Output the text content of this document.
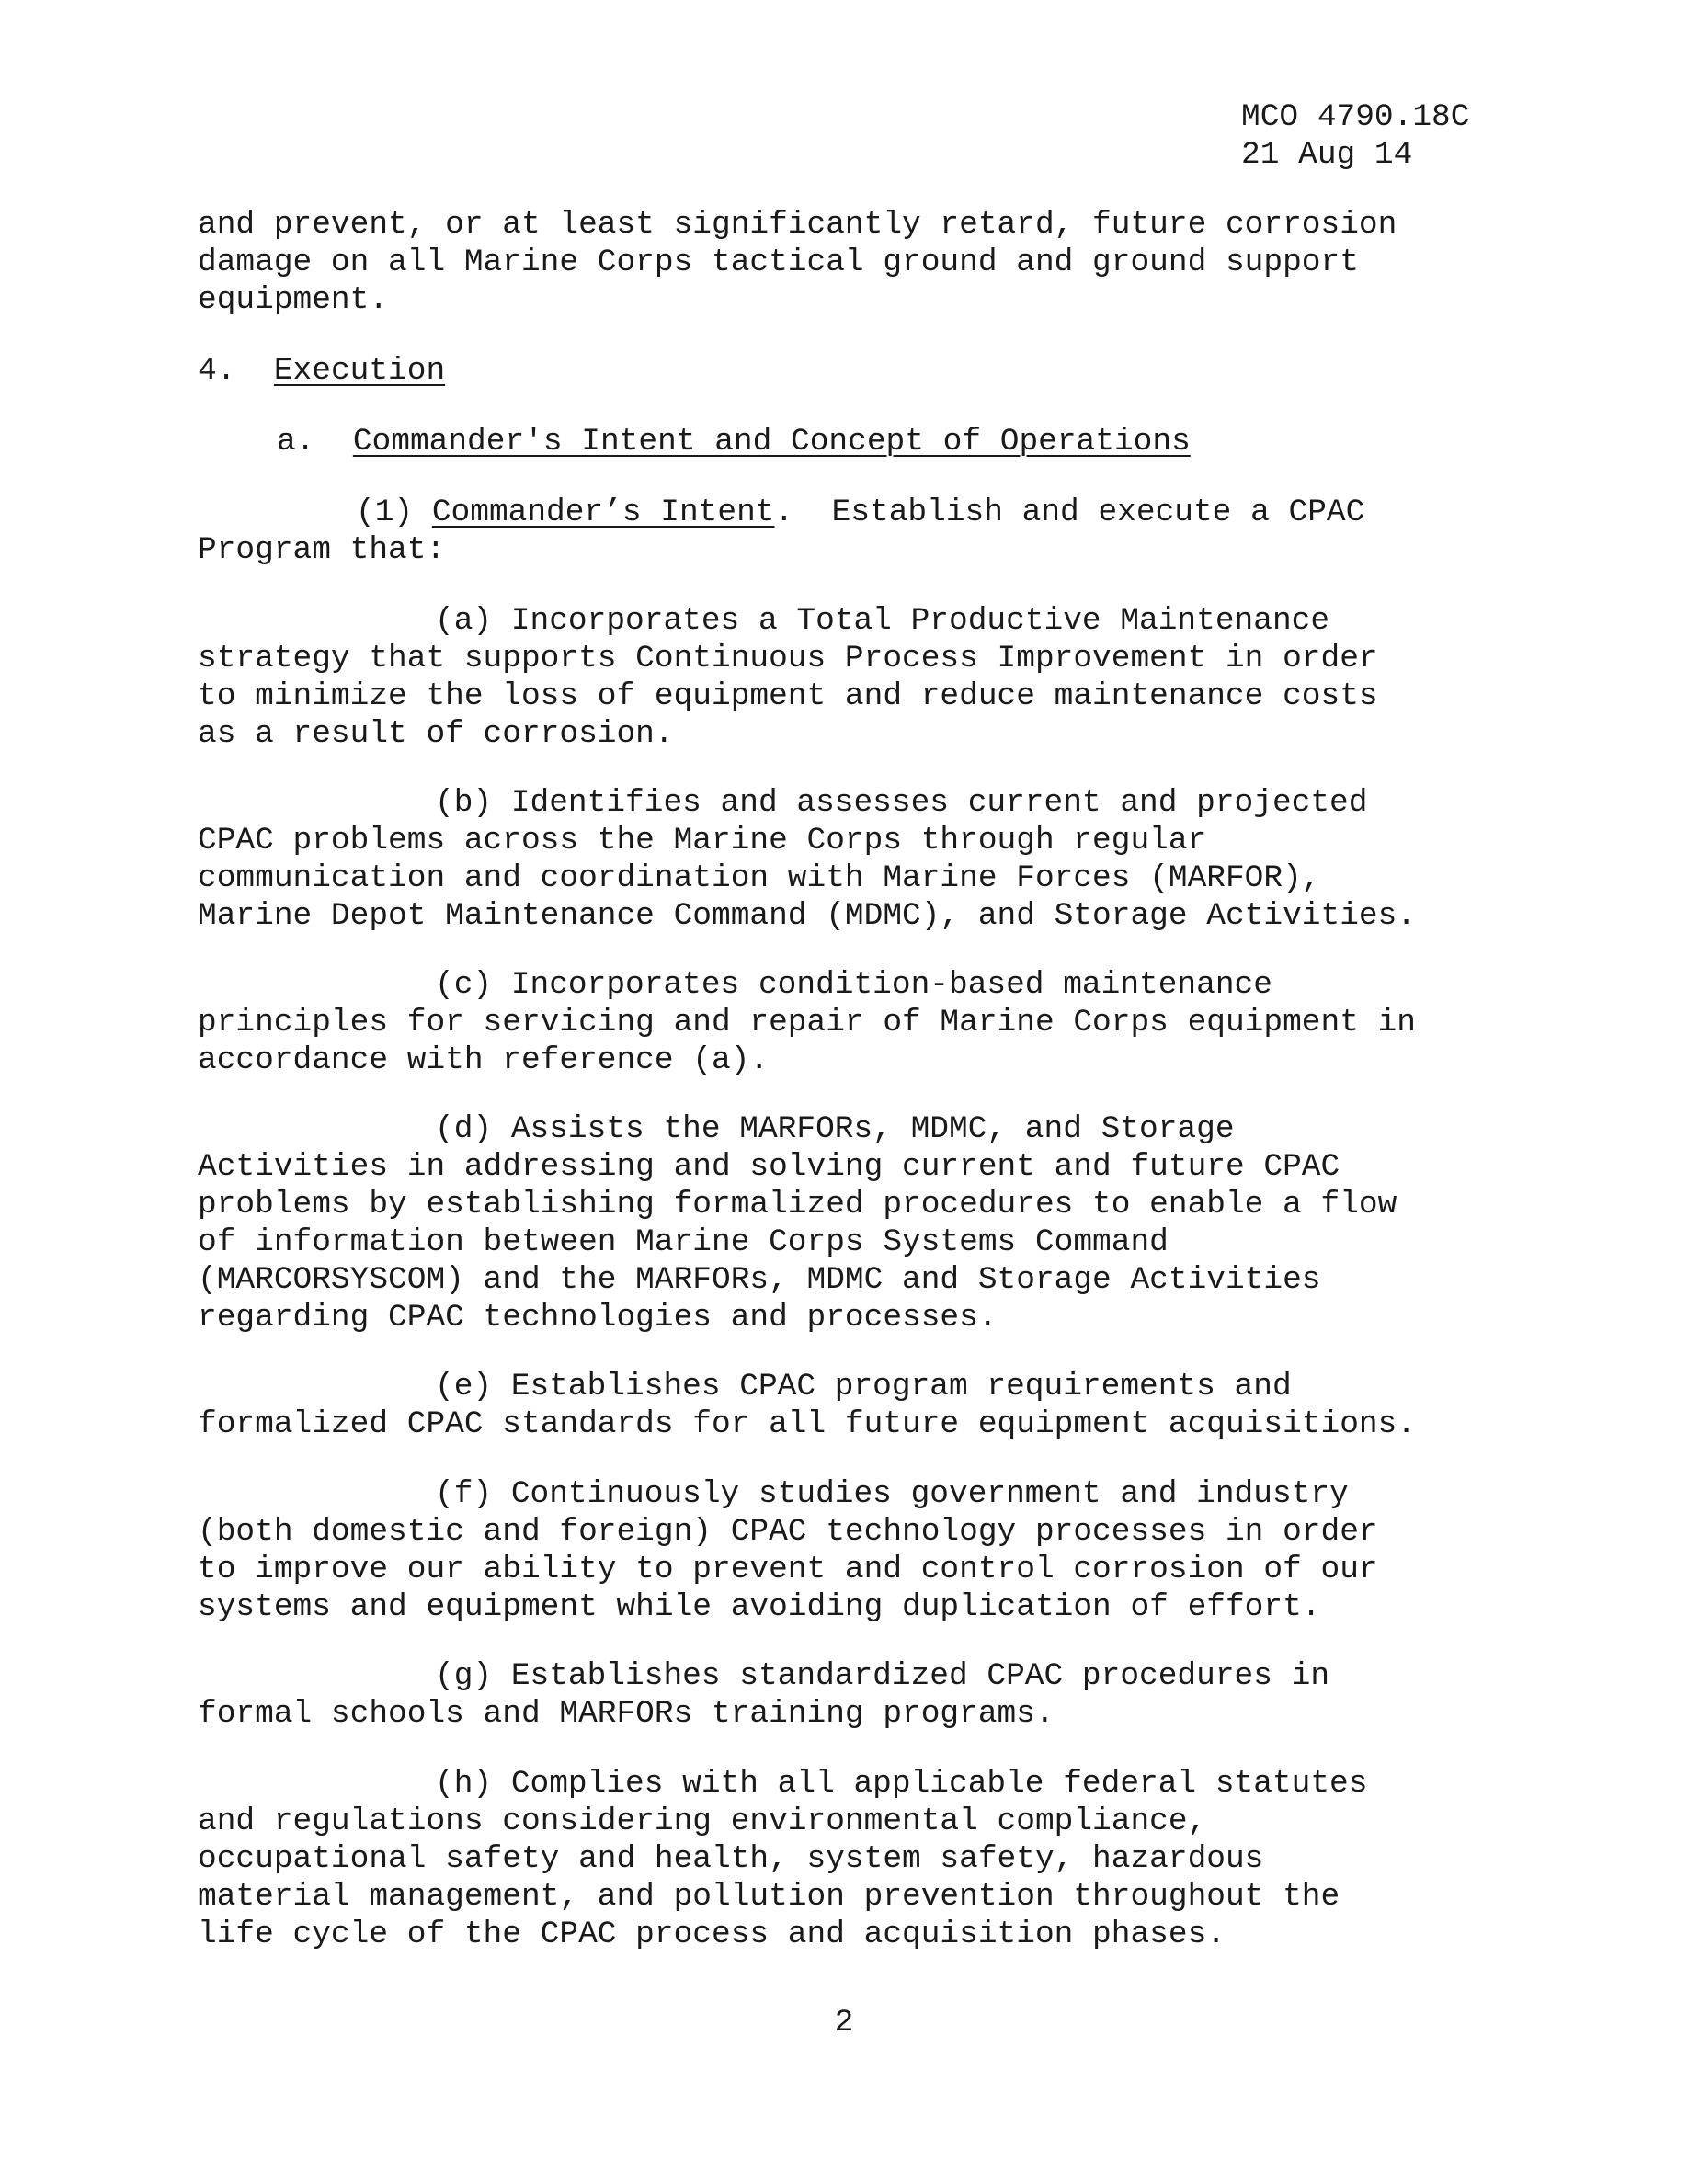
MCO 4790.18C
21 Aug 14
and prevent, or at least significantly retard, future corrosion
damage on all Marine Corps tactical ground and ground support
equipment.
4.  Execution
a.  Commander's Intent and Concept of Operations
(1) Commander’s Intent.  Establish and execute a CPAC
Program that:
(a) Incorporates a Total Productive Maintenance
strategy that supports Continuous Process Improvement in order
to minimize the loss of equipment and reduce maintenance costs
as a result of corrosion.
(b) Identifies and assesses current and projected
CPAC problems across the Marine Corps through regular
communication and coordination with Marine Forces (MARFOR),
Marine Depot Maintenance Command (MDMC), and Storage Activities.
(c) Incorporates condition-based maintenance
principles for servicing and repair of Marine Corps equipment in
accordance with reference (a).
(d) Assists the MARFORs, MDMC, and Storage
Activities in addressing and solving current and future CPAC
problems by establishing formalized procedures to enable a flow
of information between Marine Corps Systems Command
(MARCORSYSCOM) and the MARFORs, MDMC and Storage Activities
regarding CPAC technologies and processes.
(e) Establishes CPAC program requirements and
formalized CPAC standards for all future equipment acquisitions.
(f) Continuously studies government and industry
(both domestic and foreign) CPAC technology processes in order
to improve our ability to prevent and control corrosion of our
systems and equipment while avoiding duplication of effort.
(g) Establishes standardized CPAC procedures in
formal schools and MARFORs training programs.
(h) Complies with all applicable federal statutes
and regulations considering environmental compliance,
occupational safety and health, system safety, hazardous
material management, and pollution prevention throughout the
life cycle of the CPAC process and acquisition phases.
2
